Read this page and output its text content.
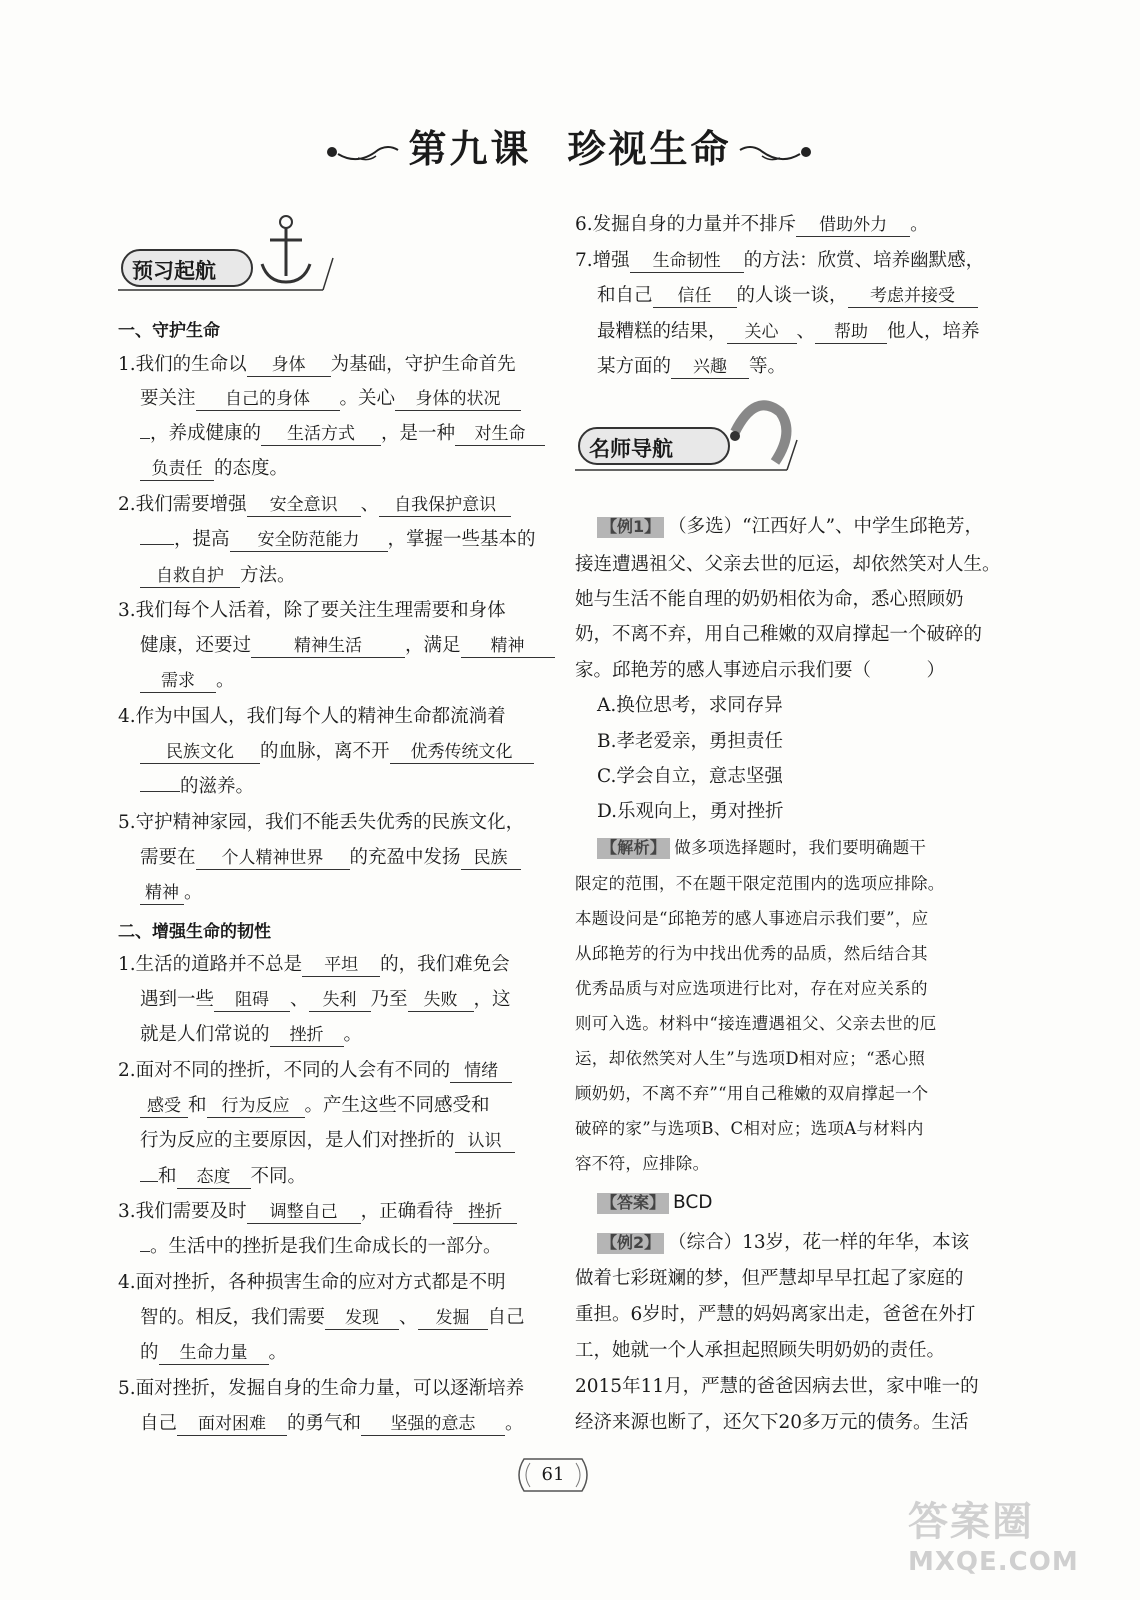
第九课 珍视生命
预习起航
一、守护生命
1.我们的生命以 身体 为基础，守护生命首先
要关注 自己的身体 。关心 身体的状况
，养成健康的 生活方式 ，是一种 对生命
负责任 的态度。
2.我们需要增强 安全意识 、 自我保护意识
，提高 安全防范能力 ，掌握一些基本的
自救自护 方法。
3.我们每个人活着，除了要关注生理需要和身体
健康，还要过	精神生活 ，满足 精神
需求 。
4.作为中国人，我们每个人的精神生命都流淌着
民族文化 的血脉，离不开 优秀传统文化
的滋养。
5.守护精神家园，我们不能丢失优秀的民族文化，
需要在 个人精神世界 的充盈中发扬 民族
精神 。
二、增强生命的韧性
1.生活的道路并不总是 平坦 的，我们难免会
遇到一些 阻碍 、 失利 乃至 失败 ，这
就是人们常说的 挫折 。
2.面对不同的挫折，不同的人会有不同的 情绪
感受 和 行为反应 。产生这些不同感受和
行为反应的主要原因，是人们对挫折的 认识
和 态度 不同。
3.我们需要及时 调整自己 ，正确看待 挫折
。生活中的挫折是我们生命成长的一部分。
4.面对挫折，各种损害生命的应对方式都是不明
智的。相反，我们需要 发现 、 发掘 自己
的 生命力量 。
5.面对挫折，发掘自身的生命力量，可以逐渐培养
自己 面对困难 的勇气和 坚强的意志 。
6.发掘自身的力量并不排斥 借助外力 。
7.增强 生命韧性 的方法：欣赏、培养幽默感，
和自己 信任 的人谈一谈， 考虑并接受
最糟糕的结果， 关心 、 帮助 他人，培养
某方面的 兴趣 等。
名师导航
【例1】 （多选）“江西好人”、中学生邱艳芳，
接连遭遇祖父、父亲去世的厄运，却依然笑对人生。
她与生活不能自理的奶奶相依为命，悉心照顾奶
奶，不离不弃，用自己稚嫩的双肩撑起一个破碎的
家。邱艳芳的感人事迹启示我们要（　　　）
A.换位思考，求同存异
B.孝老爱亲，勇担责任
C.学会自立，意志坚强
D.乐观向上，勇对挫折
【解析】 做多项选择题时，我们要明确题干
限定的范围，不在题干限定范围内的选项应排除。
本题设问是“邱艳芳的感人事迹启示我们要”，应
从邱艳芳的行为中找出优秀的品质，然后结合其
优秀品质与对应选项进行比对，存在对应关系的
则可入选。材料中“接连遭遇祖父、父亲去世的厄
运，却依然笑对人生”与选项D相对应；“悉心照
顾奶奶，不离不弃”“用自己稚嫩的双肩撑起一个
破碎的家”与选项B、C相对应；选项A与材料内
容不符，应排除。
【答案】 BCD
【例2】 （综合）13岁，花一样的年华，本该
做着七彩斑斓的梦，但严慧却早早扛起了家庭的
重担。6岁时，严慧的妈妈离家出走，爸爸在外打
工，她就一个人承担起照顾失明奶奶的责任。
2015年11月，严慧的爸爸因病去世，家中唯一的
经济来源也断了，还欠下20多万元的债务。生活
61
答案圈
MXQE.COM
